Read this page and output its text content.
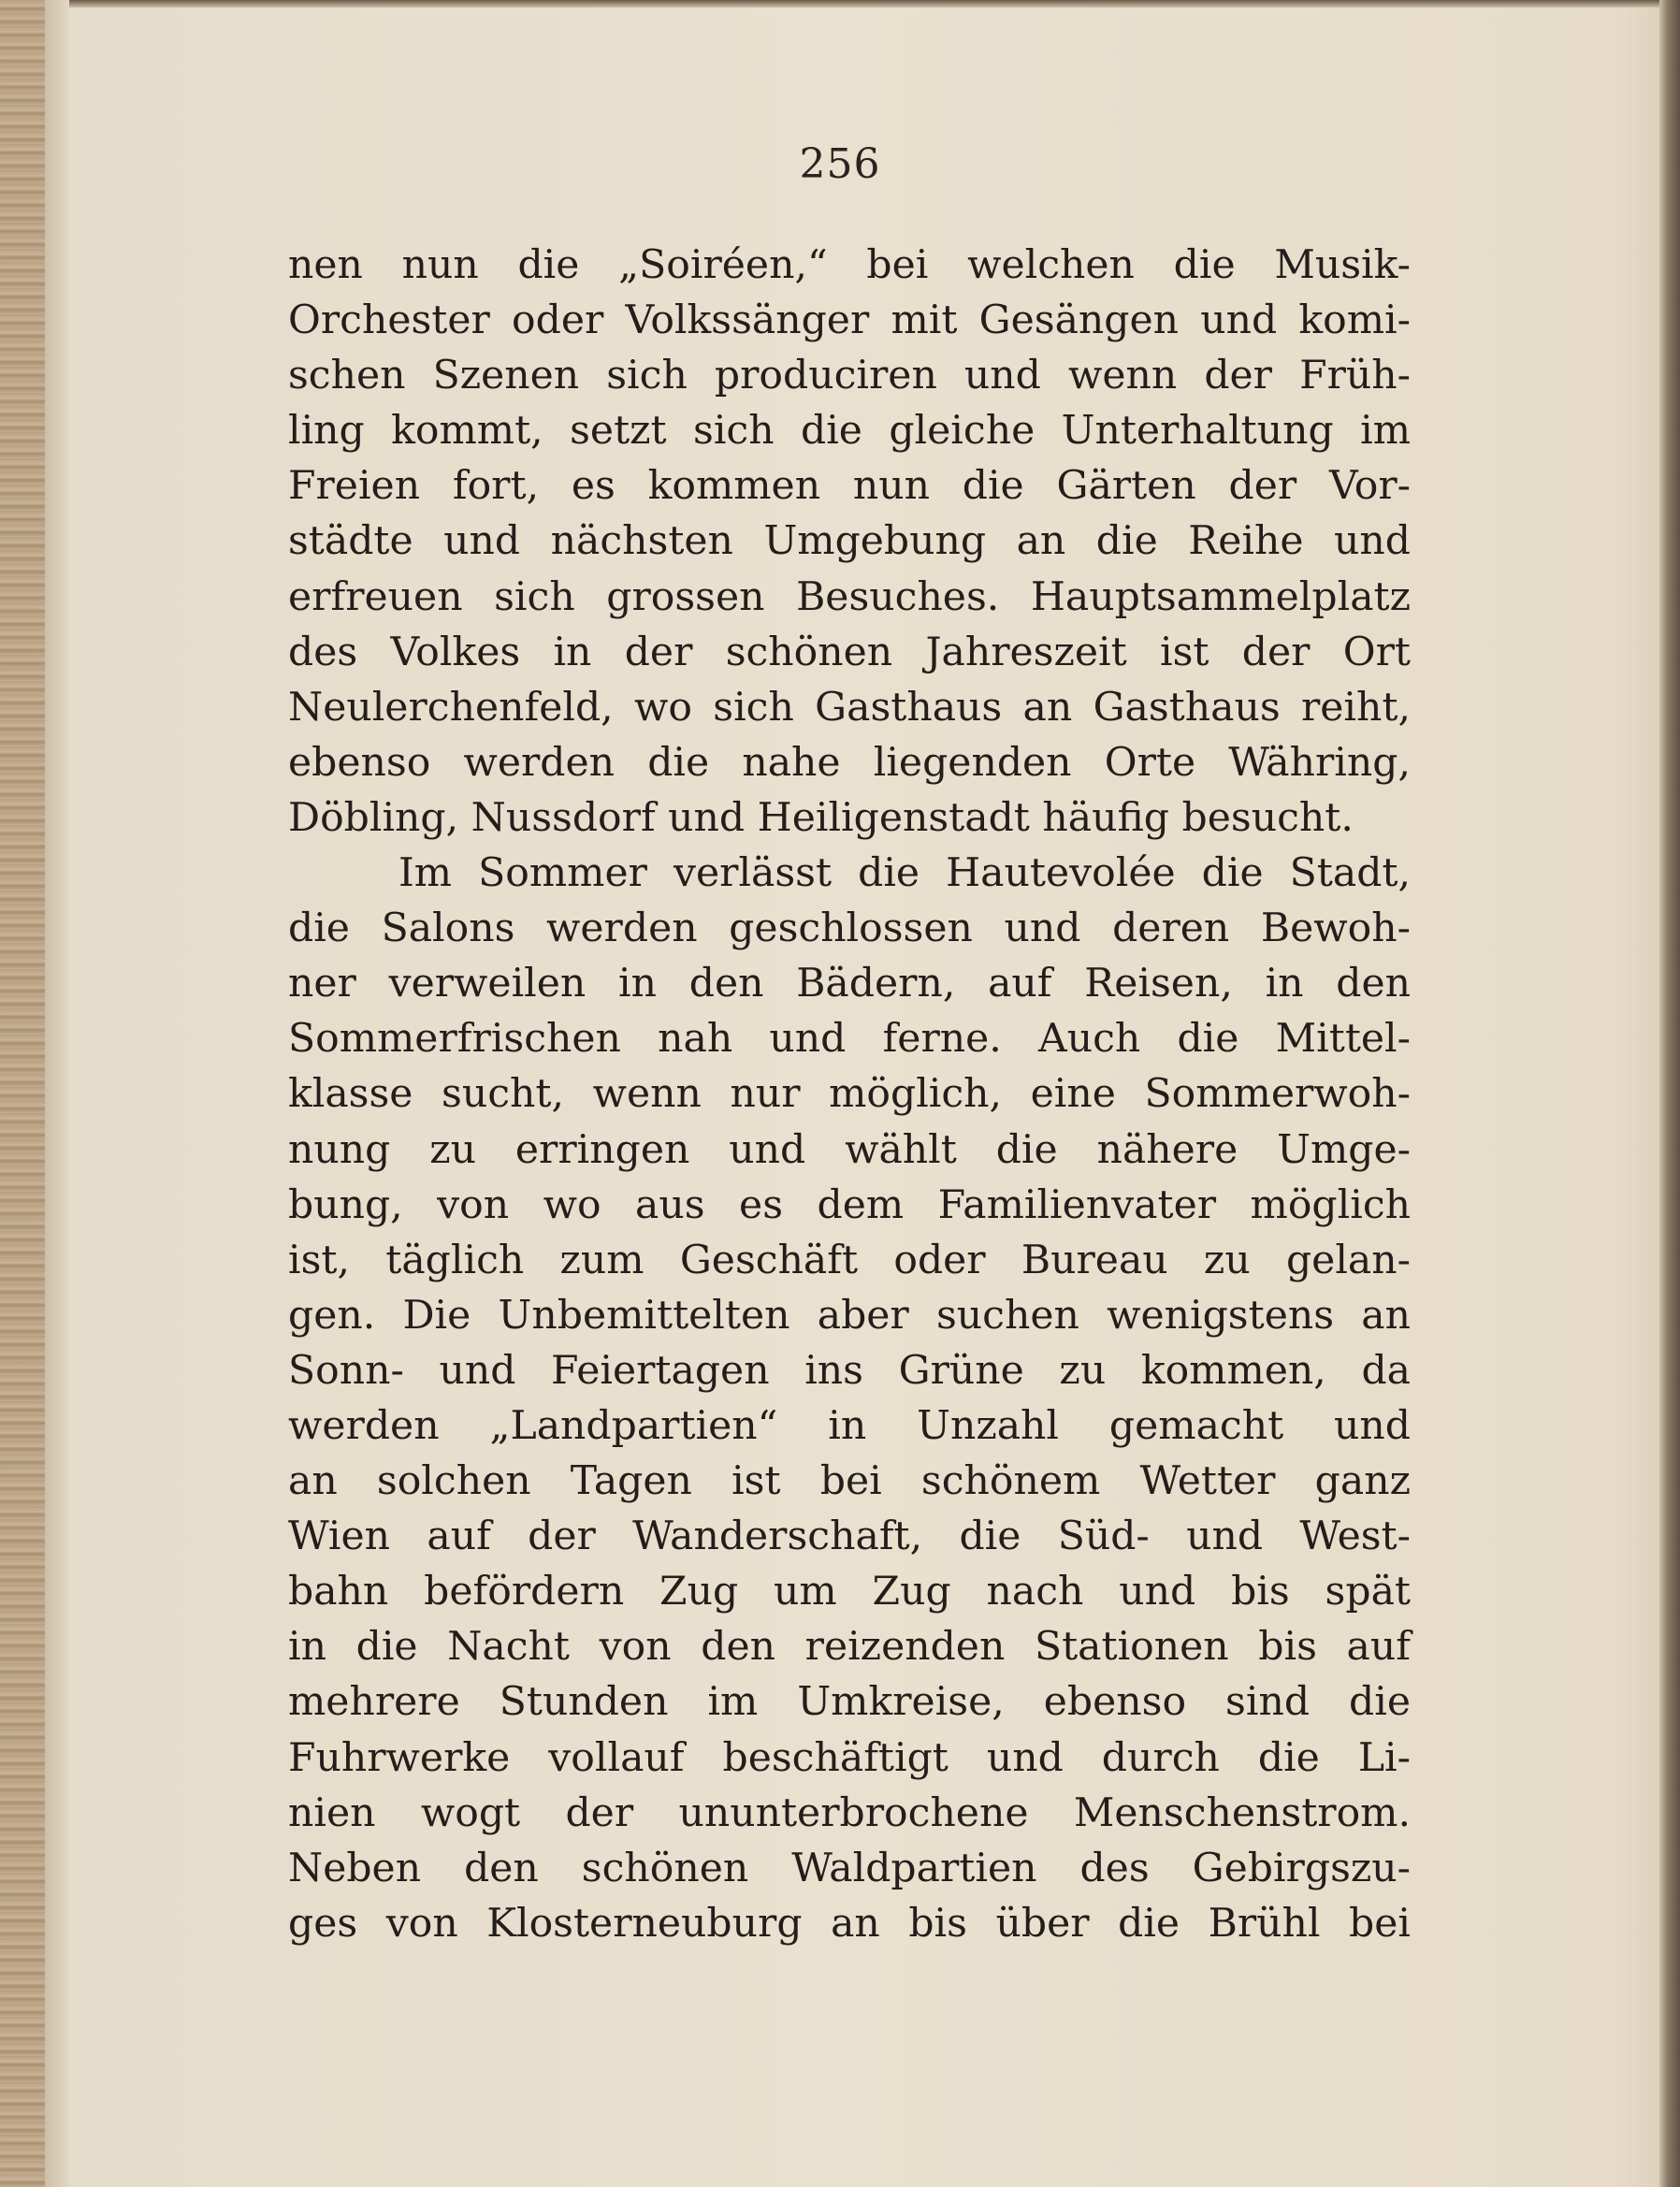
256
nen nun die „Soiréen,“ bei welchen die Musik-
Orchester oder Volkssänger mit Gesängen und komi-
schen Szenen sich produciren und wenn der Früh-
ling kommt, setzt sich die gleiche Unterhaltung im
Freien fort, es kommen nun die Gärten der Vor-
städte und nächsten Umgebung an die Reihe und
erfreuen sich grossen Besuches. Hauptsammelplatz
des Volkes in der schönen Jahreszeit ist der Ort
Neulerchenfeld, wo sich Gasthaus an Gasthaus reiht,
ebenso werden die nahe liegenden Orte Währing,
Döbling, Nussdorf und Heiligenstadt häufig besucht.
Im Sommer verlässt die Hautevolée die Stadt,
die Salons werden geschlossen und deren Bewoh-
ner verweilen in den Bädern, auf Reisen, in den
Sommerfrischen nah und ferne. Auch die Mittel-
klasse sucht, wenn nur möglich, eine Sommerwoh-
nung zu erringen und wählt die nähere Umge-
bung, von wo aus es dem Familienvater möglich
ist, täglich zum Geschäft oder Bureau zu gelan-
gen. Die Unbemittelten aber suchen wenigstens an
Sonn- und Feiertagen ins Grüne zu kommen, da
werden „Landpartien“ in Unzahl gemacht und
an solchen Tagen ist bei schönem Wetter ganz
Wien auf der Wanderschaft, die Süd- und West-
bahn befördern Zug um Zug nach und bis spät
in die Nacht von den reizenden Stationen bis auf
mehrere Stunden im Umkreise, ebenso sind die
Fuhrwerke vollauf beschäftigt und durch die Li-
nien wogt der ununterbrochene Menschenstrom.
Neben den schönen Waldpartien des Gebirgszu-
ges von Klosterneuburg an bis über die Brühl bei
